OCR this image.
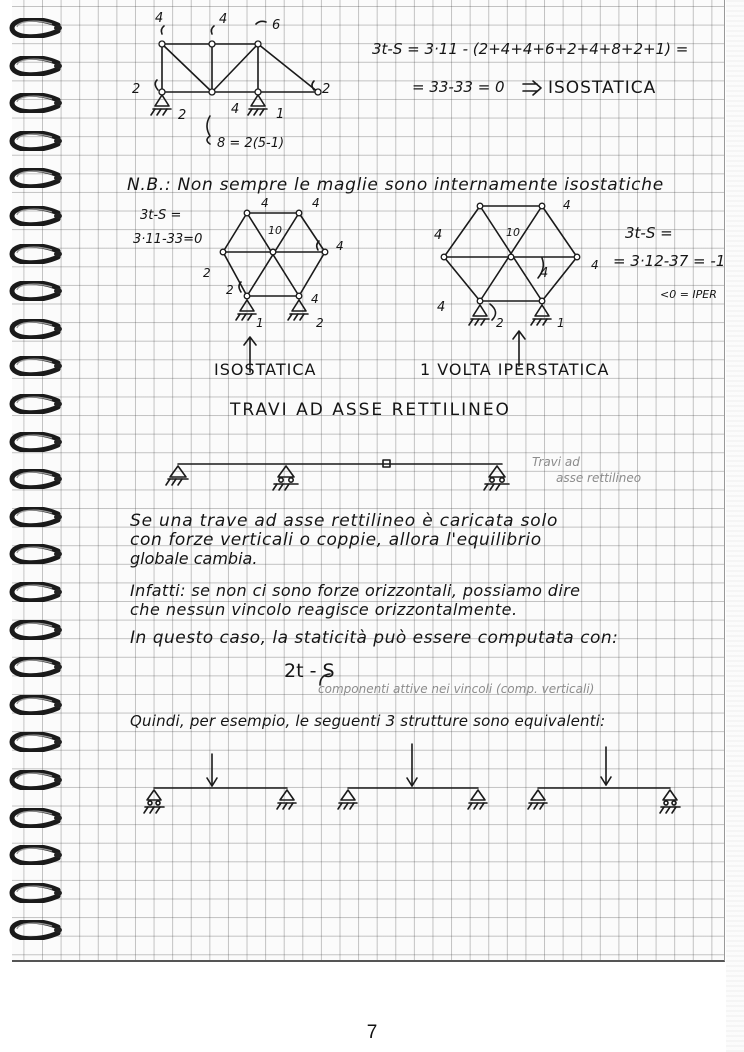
4	4	6
2	2
2	4	1
8 = 2(5-1)
3t-S = 3·11 - (2+4+4+6+2+4+8+2+1) =
= 33-33 = 0	ISOSTATICA
N.B.: Non sempre le maglie sono internamente isostatiche
3t-S =
3·11-33=0
4	4
10
4
2
2
4
1	2
ISOSTATICA
4
4	10
4
4
4
2	1
3t-S =
= 3·12-37 = -1
<0 = IPER
1 VOLTA IPERSTATICA
TRAVI AD ASSE RETTILINEO
Travi ad
asse rettilineo
Se una trave ad asse rettilineo è caricata solo
con forze verticali o coppie, allora l'equilibrio
globale cambia.
Infatti: se non ci sono forze orizzontali, possiamo dire
che nessun vincolo reagisce orizzontalmente.
In questo caso, la staticità può essere computata con:
2t - S
componenti attive nei vincoli (comp. verticali)
Quindi, per esempio, le seguenti 3 strutture sono equivalenti:
7
